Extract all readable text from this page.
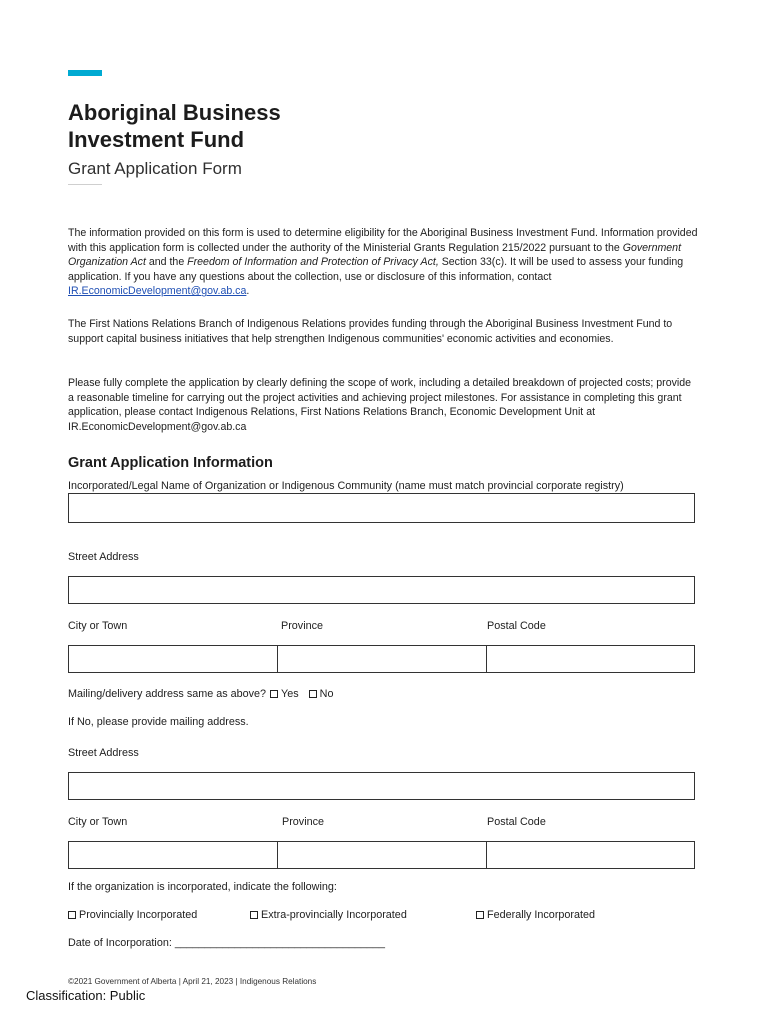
Aboriginal Business
Investment Fund
Grant Application Form

The information provided on this form is used to determine eligibility for the Aboriginal Business Investment Fund. Information provided with this application form is collected under the authority of the Ministerial Grants Regulation 215/2022 pursuant to the Government Organization Act and the Freedom of Information and Protection of Privacy Act, Section 33(c). It will be used to assess your funding application. If you have any questions about the collection, use or disclosure of this information, contact IR.EconomicDevelopment@gov.ab.ca.

The First Nations Relations Branch of Indigenous Relations provides funding through the Aboriginal Business Investment Fund to support capital business initiatives that help strengthen Indigenous communities' economic activities and economies.

Please fully complete the application by clearly defining the scope of work, including a detailed breakdown of projected costs; provide a reasonable timeline for carrying out the project activities and achieving project milestones. For assistance in completing this grant application, please contact Indigenous Relations, First Nations Relations Branch, Economic Development Unit at IR.EconomicDevelopment@gov.ab.ca

Grant Application Information
Incorporated/Legal Name of Organization or Indigenous Community (name must match provincial corporate registry)
Street Address
City or Town	Province	Postal Code
Mailing/delivery address same as above? Yes No
If No, please provide mailing address.
Street Address
City or Town	Province	Postal Code
If the organization is incorporated, indicate the following:
Provincially Incorporated	Extra-provincially Incorporated	Federally Incorporated
Date of Incorporation: ___________________________________
©2021 Government of Alberta | April 21, 2023 | Indigenous Relations
Classification: Public
